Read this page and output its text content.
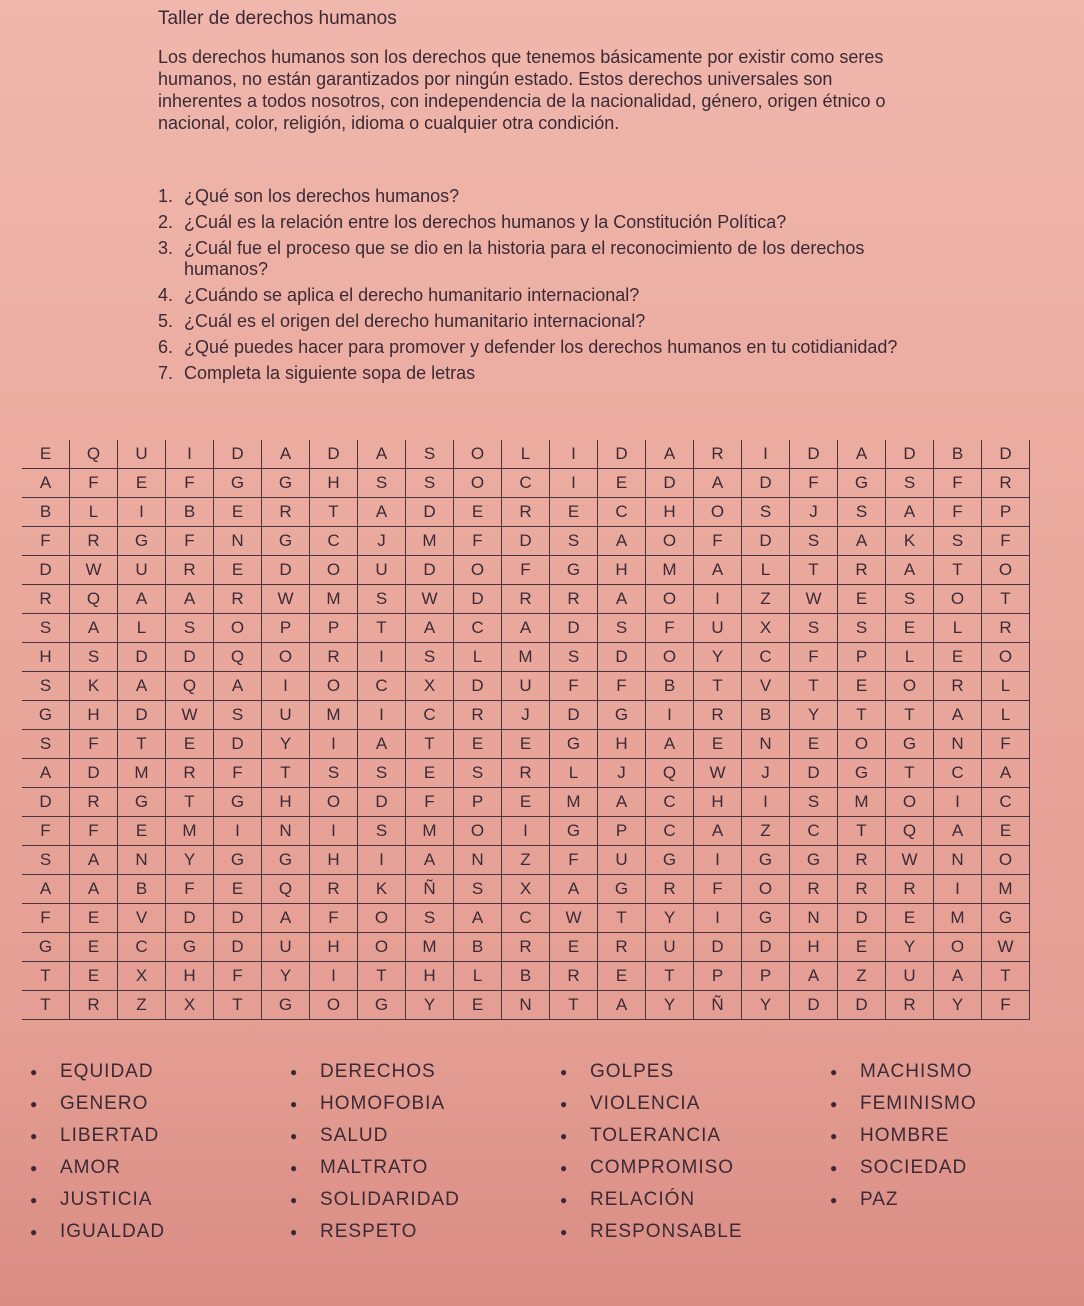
Taller de derechos humanos
Los derechos humanos son los derechos que tenemos básicamente por existir como seres humanos, no están garantizados por ningún estado. Estos derechos universales son inherentes a todos nosotros, con independencia de la nacionalidad, género, origen étnico o nacional, color, religión, idioma o cualquier otra condición.
1. ¿Qué son los derechos humanos?
2. ¿Cuál es la relación entre los derechos humanos y la Constitución Política?
3. ¿Cuál fue el proceso que se dio en la historia para el reconocimiento de los derechos humanos?
4. ¿Cuándo se aplica el derecho humanitario internacional?
5. ¿Cuál es el origen del derecho humanitario internacional?
6. ¿Qué puedes hacer para promover y defender los derechos humanos en tu cotidianidad?
7. Completa la siguiente sopa de letras
E	Q	U	I	D	A	D	A	S	O	L	I	D	A	R	I	D	A	D	B	D
A	F	E	F	G	G	H	S	S	O	C	I	E	D	A	D	F	G	S	F	R
B	L	I	B	E	R	T	A	D	E	R	E	C	H	O	S	J	S	A	F	P
F	R	G	F	N	G	C	J	M	F	D	S	A	O	F	D	S	A	K	S	F
D	W	U	R	E	D	O	U	D	O	F	G	H	M	A	L	T	R	A	T	O
R	Q	A	A	R	W	M	S	W	D	R	R	A	O	I	Z	W	E	S	O	T
S	A	L	S	O	P	P	T	A	C	A	D	S	F	U	X	S	S	E	L	R
H	S	D	D	Q	O	R	I	S	L	M	S	D	O	Y	C	F	P	L	E	O
S	K	A	Q	A	I	O	C	X	D	U	F	F	B	T	V	T	E	O	R	L
G	H	D	W	S	U	M	I	C	R	J	D	G	I	R	B	Y	T	T	A	L
S	F	T	E	D	Y	I	A	T	E	E	G	H	A	E	N	E	O	G	N	F
A	D	M	R	F	T	S	S	E	S	R	L	J	Q	W	J	D	G	T	C	A
D	R	G	T	G	H	O	D	F	P	E	M	A	C	H	I	S	M	O	I	C
F	F	E	M	I	N	I	S	M	O	I	G	P	C	A	Z	C	T	Q	A	E
S	A	N	Y	G	G	H	I	A	N	Z	F	U	G	I	G	G	R	W	N	O
A	A	B	F	E	Q	R	K	Ñ	S	X	A	G	R	F	O	R	R	R	I	M
F	E	V	D	D	A	F	O	S	A	C	W	T	Y	I	G	N	D	E	M	G
G	E	C	G	D	U	H	O	M	B	R	E	R	U	D	D	H	E	Y	O	W
T	E	X	H	F	Y	I	T	H	L	B	R	E	T	P	P	A	Z	U	A	T
T	R	Z	X	T	G	O	G	Y	E	N	T	A	Y	Ñ	Y	D	D	R	Y	F
● EQUIDAD
● GENERO
● LIBERTAD
● AMOR
● JUSTICIA
● IGUALDAD
● DERECHOS
● HOMOFOBIA
● SALUD
● MALTRATO
● SOLIDARIDAD
● RESPETO
● GOLPES
● VIOLENCIA
● TOLERANCIA
● COMPROMISO
● RELACIÓN
● RESPONSABLE
● MACHISMO
● FEMINISMO
● HOMBRE
● SOCIEDAD
● PAZ
